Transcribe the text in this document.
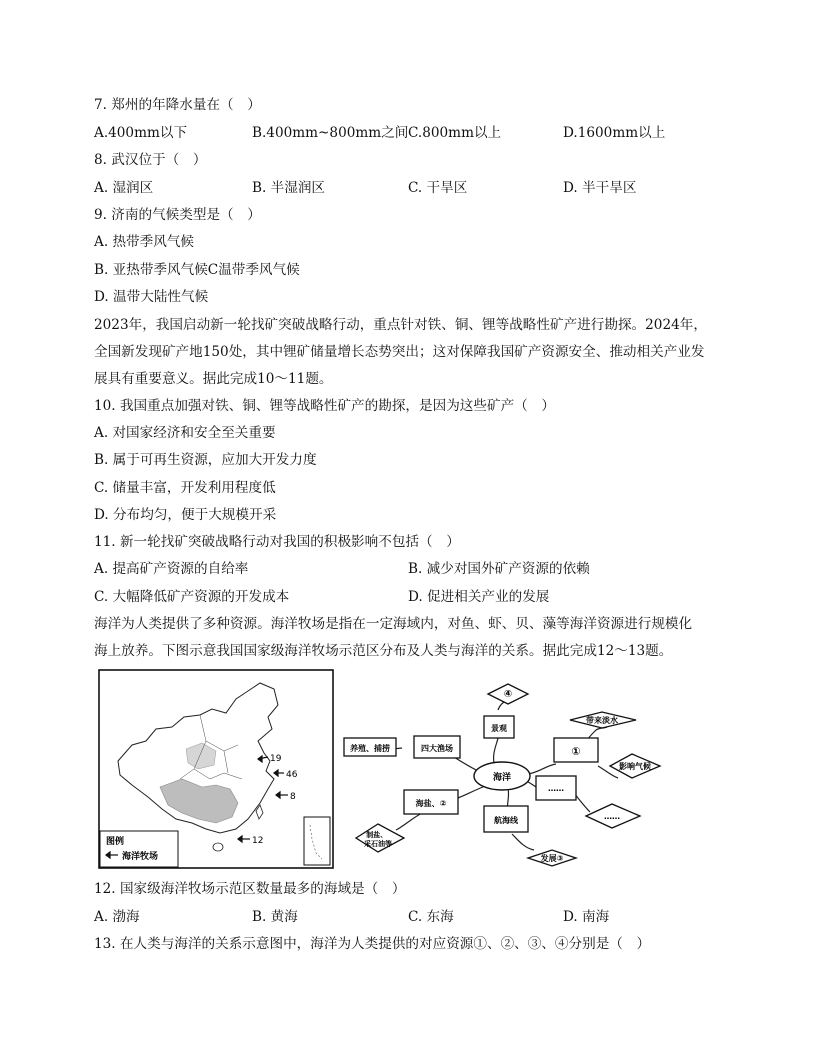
7. 郑州的年降水量在（　）
A.400mm以下	B.400mm~800mm之间 C.800mm以上	D.1600mm以上
8. 武汉位于（　）
A. 湿润区	B. 半湿润区	C. 干旱区	D. 半干旱区
9. 济南的气候类型是（　）
A. 热带季风气候
B. 亚热带季风气候C温带季风气候
D. 温带大陆性气候
2023年，我国启动新一轮找矿突破战略行动，重点针对铁、铜、锂等战略性矿产进行勘探。2024年，
全国新发现矿产地150处，其中锂矿储量增长态势突出；这对保障我国矿产资源安全、推动相关产业发
展具有重要意义。据此完成10～11题。
10. 我国重点加强对铁、铜、锂等战略性矿产的勘探，是因为这些矿产（　）
A. 对国家经济和安全至关重要
B. 属于可再生资源，应加大开发力度
C. 储量丰富，开发利用程度低
D. 分布均匀，便于大规模开采
11. 新一轮找矿突破战略行动对我国的积极影响不包括（　）
A. 提高矿产资源的自给率	B. 减少对国外矿产资源的依赖
C. 大幅降低矿产资源的开发成本	D. 促进相关产业的发展
海洋为人类提供了多种资源。海洋牧场是指在一定海域内，对鱼、虾、贝、藻等海洋资源进行规模化
海上放养。下图示意我国国家级海洋牧场示范区分布及人类与海洋的关系。据此完成12～13题。
19
46
8
12
图例
海洋牧场
海洋
④
景观
四大渔场
养殖、捕捞
带来淡水
①
影响气候
……
……
海盐、②
航海线
制盐、 采石油等
发展③
12. 国家级海洋牧场示范区数量最多的海域是（　）
A. 渤海	B. 黄海	C. 东海	D. 南海
13. 在人类与海洋的关系示意图中，海洋为人类提供的对应资源①、②、③、④分别是（　）
